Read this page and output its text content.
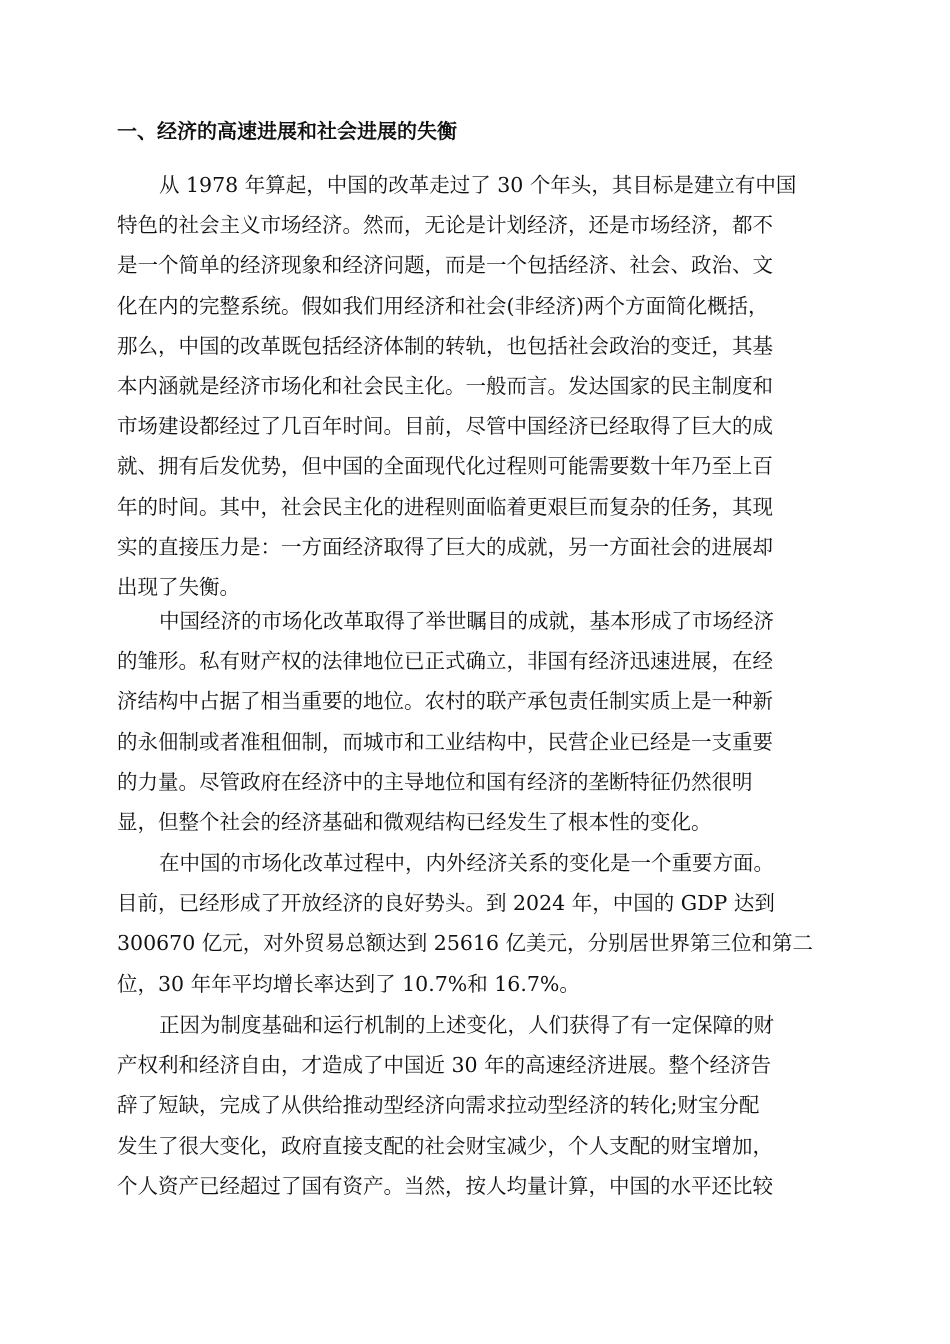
一、经济的高速进展和社会进展的失衡

从 1978 年算起，中国的改革走过了 30 个年头，其目标是建立有中国
特色的社会主义市场经济。然而，无论是计划经济，还是市场经济，都不
是一个简单的经济现象和经济问题，而是一个包括经济、社会、政治、文
化在内的完整系统。假如我们用经济和社会(非经济)两个方面简化概括，
那么，中国的改革既包括经济体制的转轨，也包括社会政治的变迁，其基
本内涵就是经济市场化和社会民主化。一般而言。发达国家的民主制度和
市场建设都经过了几百年时间。目前，尽管中国经济已经取得了巨大的成
就、拥有后发优势，但中国的全面现代化过程则可能需要数十年乃至上百
年的时间。其中，社会民主化的进程则面临着更艰巨而复杂的任务，其现
实的直接压力是：一方面经济取得了巨大的成就，另一方面社会的进展却
出现了失衡。

中国经济的市场化改革取得了举世瞩目的成就，基本形成了市场经济
的雏形。私有财产权的法律地位已正式确立，非国有经济迅速进展，在经
济结构中占据了相当重要的地位。农村的联产承包责任制实质上是一种新
的永佃制或者准租佃制，而城市和工业结构中，民营企业已经是一支重要
的力量。尽管政府在经济中的主导地位和国有经济的垄断特征仍然很明
显，但整个社会的经济基础和微观结构已经发生了根本性的变化。

在中国的市场化改革过程中，内外经济关系的变化是一个重要方面。
目前，已经形成了开放经济的良好势头。到 2024 年，中国的 GDP 达到
300670 亿元，对外贸易总额达到 25616 亿美元，分别居世界第三位和第二
位，30 年年平均增长率达到了 10.7%和 16.7%。

正因为制度基础和运行机制的上述变化，人们获得了有一定保障的财
产权利和经济自由，才造成了中国近 30 年的高速经济进展。整个经济告
辞了短缺，完成了从供给推动型经济向需求拉动型经济的转化;财宝分配
发生了很大变化，政府直接支配的社会财宝减少，个人支配的财宝增加，
个人资产已经超过了国有资产。当然，按人均量计算，中国的水平还比较
